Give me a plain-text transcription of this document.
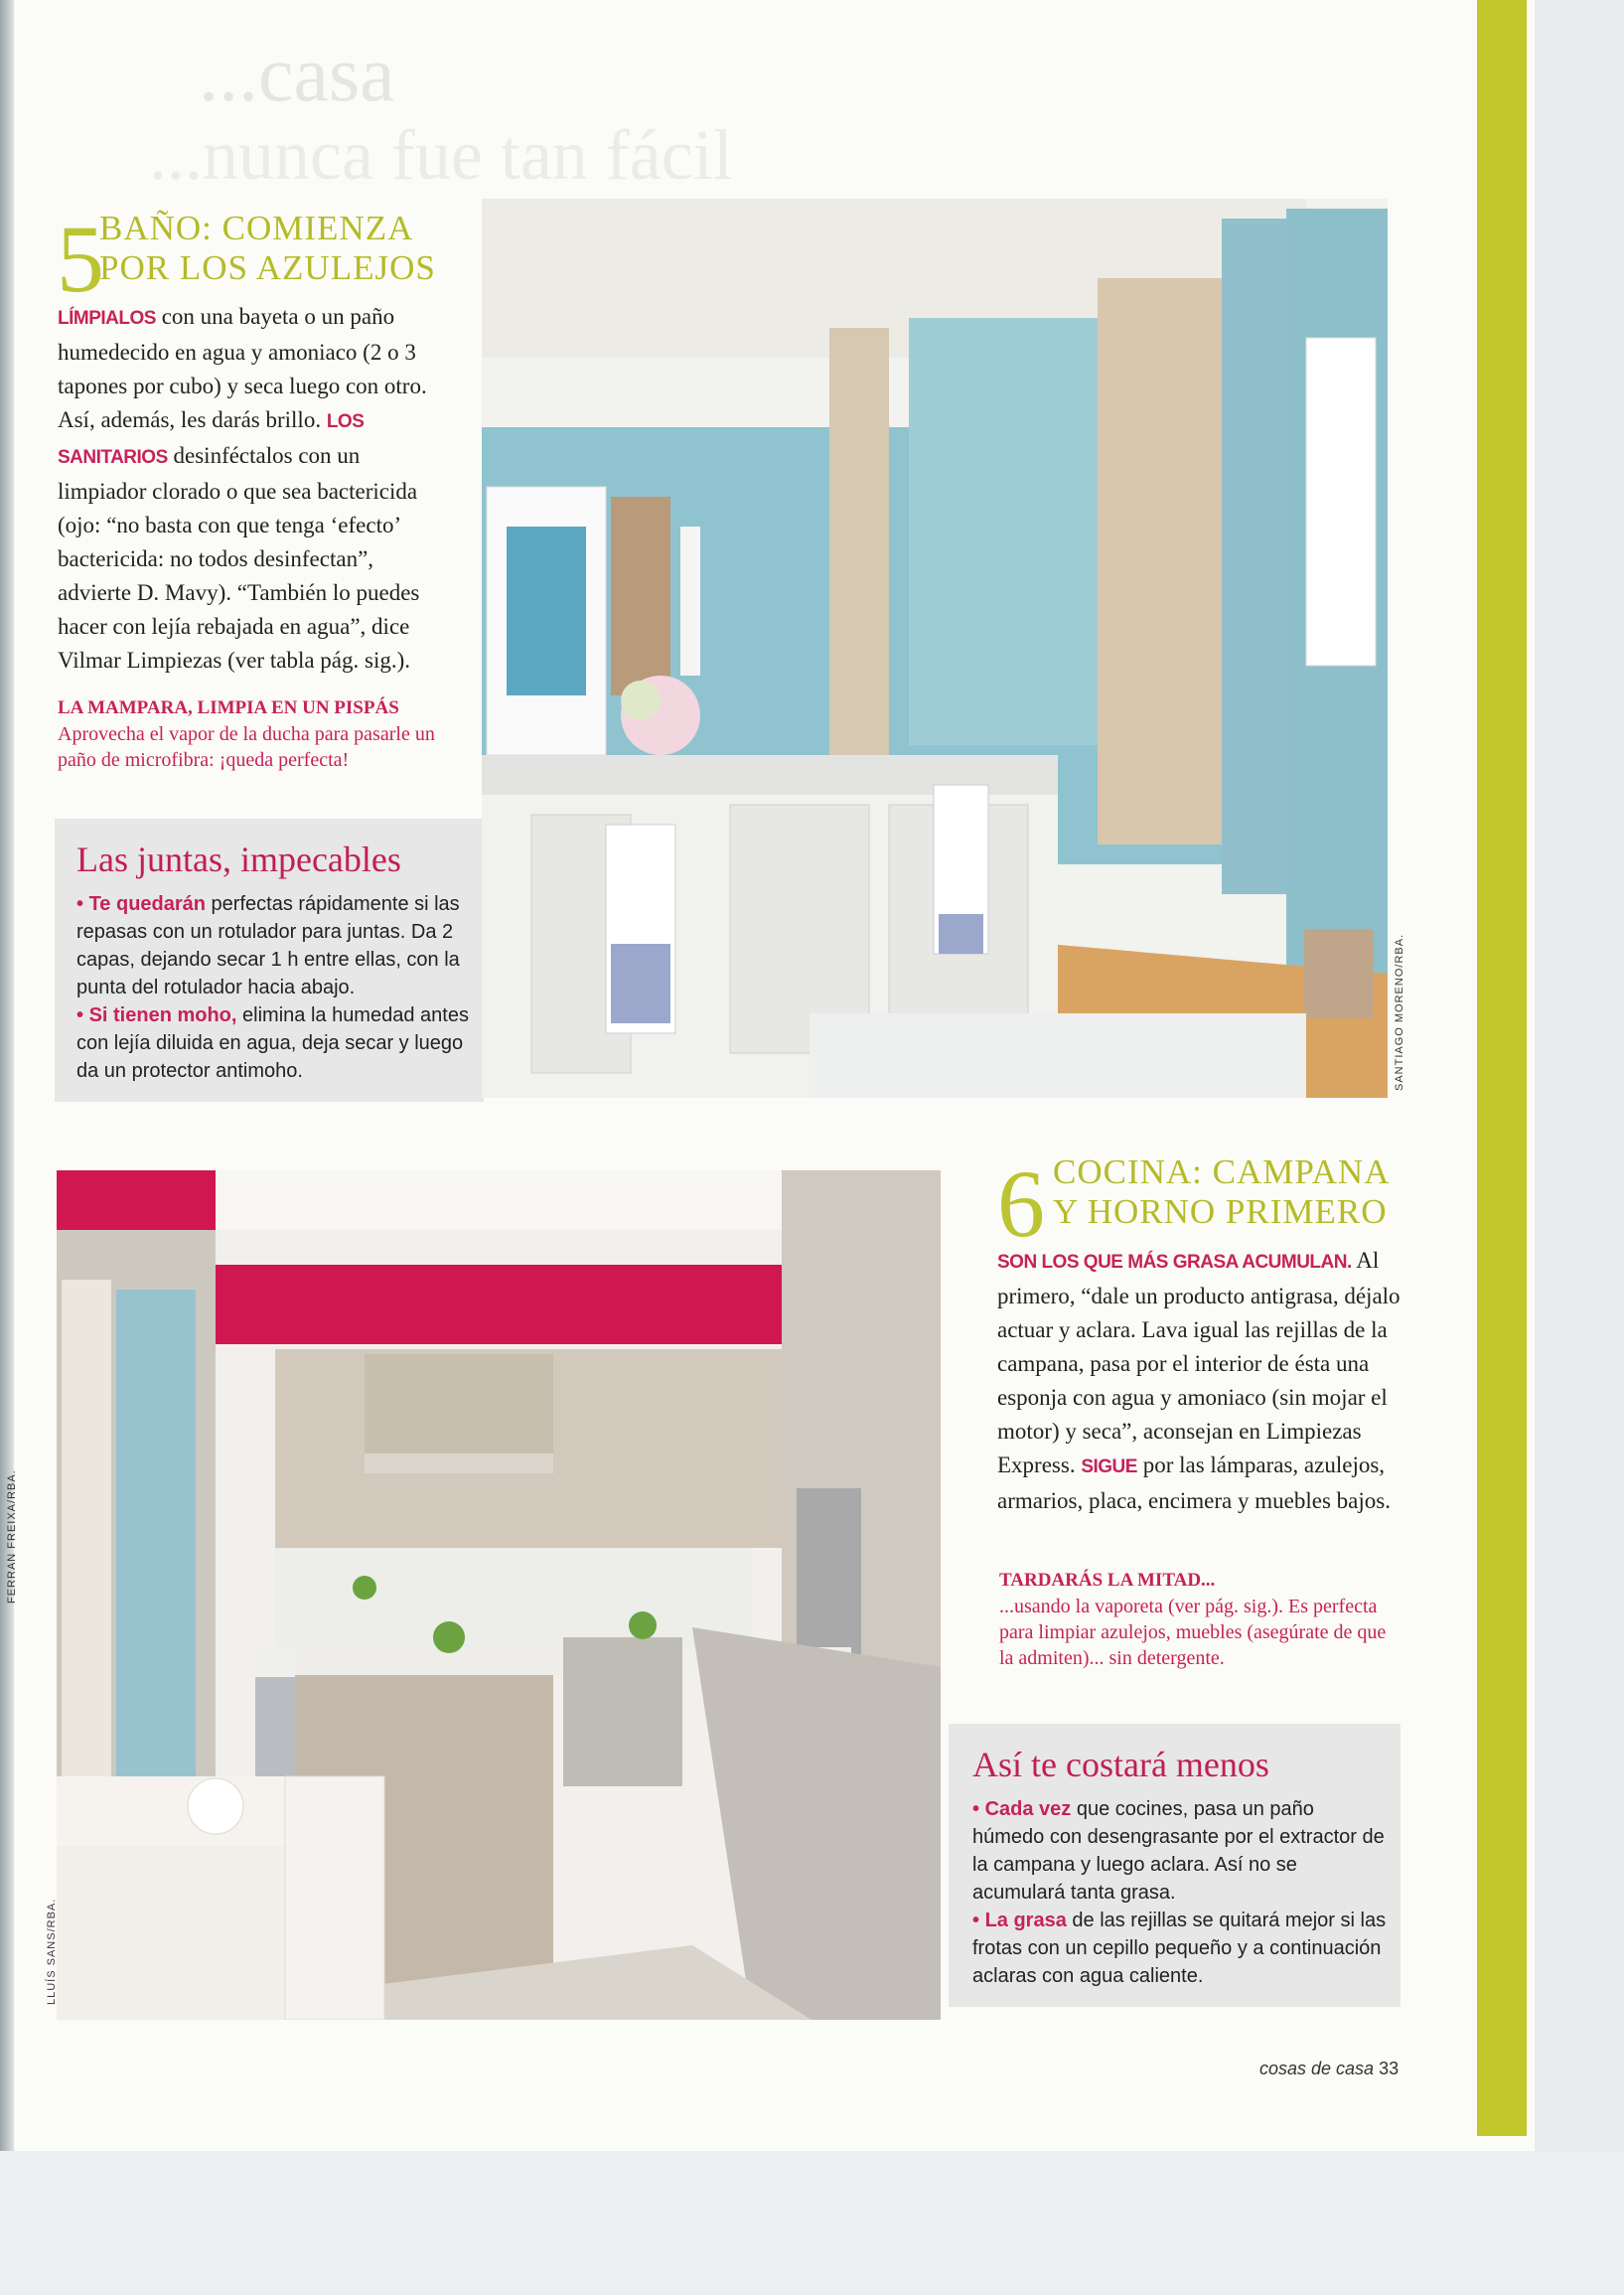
...casa
...nunca fue tan fácil
5
BAÑO: COMIENZA
POR LOS AZULEJOS
LÍMPIALOS con una bayeta o un paño humedecido en agua y amoniaco (2 o 3 tapones por cubo) y seca luego con otro. Así, además, les darás brillo. LOS SANITARIOS desinféctalos con un limpiador clorado o que sea bactericida (ojo: “no basta con que tenga ‘efecto’ bactericida: no todos desinfectan”, advierte D. Mavy). “También lo puedes hacer con lejía rebajada en agua”, dice Vilmar Limpiezas (ver tabla pág. sig.).
LA MAMPARA, LIMPIA EN UN PISPÁS
Aprovecha el vapor de la ducha para pasarle un paño de microfibra: ¡queda perfecta!
Las juntas, impecables

• Te quedarán perfectas rápidamente si las repasas con un rotulador para juntas. Da 2 capas, dejando secar 1 h entre ellas, con la punta del rotulador hacia abajo.
• Si tienen moho, elimina la humedad antes con lejía diluida en agua, deja secar y luego da un protector antimoho.	SANTIAGO MORENO/RBA.
FERRAN FREIXA/RBA.
LLUÍS SANS/RBA.
6 COCINA: CAMPANA
Y HORNO PRIMERO
SON LOS QUE MÁS GRASA ACUMULAN. Al primero, “dale un producto antigrasa, déjalo actuar y aclara. Lava igual las rejillas de la campana, pasa por el interior de ésta una esponja con agua y amoniaco (sin mojar el motor) y seca”, aconsejan en Limpiezas Express. SIGUE por las lámparas, azulejos, armarios, placa, encimera y muebles bajos.
TARDARÁS LA MITAD...
...usando la vaporeta (ver pág. sig.). Es perfecta para limpiar azulejos, muebles (asegúrate de que la admiten)... sin detergente.
Así te costará menos

• Cada vez que cocines, pasa un paño húmedo con desengrasante por el extractor de la campana y luego aclara. Así no se acumulará tanta grasa.
• La grasa de las rejillas se quitará mejor si las frotas con un cepillo pequeño y a continuación aclaras con agua caliente.

cosas de casa 33
